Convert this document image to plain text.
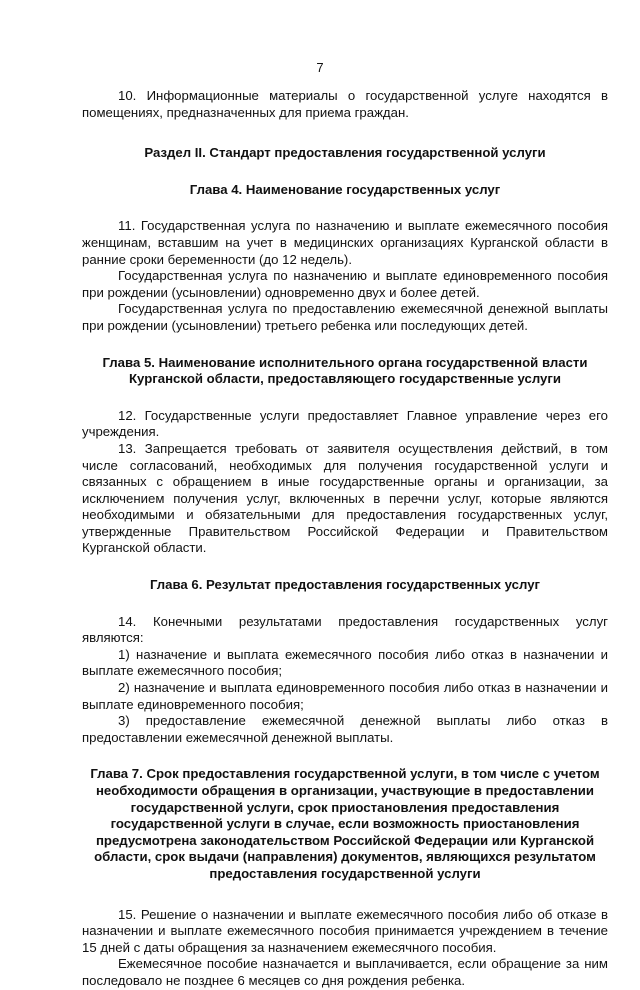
7

10. Информационные материалы о государственной услуге находятся в помещениях, предназначенных для приема граждан.

Раздел II. Стандарт предоставления государственной услуги
Глава 4. Наименование государственных услуг

11. Государственная услуга по назначению и выплате ежемесячного пособия женщинам, вставшим на учет в медицинских организациях Курганской области в ранние сроки беременности (до 12 недель).

Государственная услуга по назначению и выплате единовременного пособия при рождении (усыновлении) одновременно двух и более детей.

Государственная услуга по предоставлению ежемесячной денежной выплаты при рождении (усыновлении) третьего ребенка или последующих детей.

Глава 5. Наименование исполнительного органа государственной власти Курганской области, предоставляющего государственные услуги

12. Государственные услуги предоставляет Главное управление через его учреждения.

13. Запрещается требовать от заявителя осуществления действий, в том числе согласований, необходимых для получения государственной услуги и связанных с обращением в иные государственные органы и организации, за исключением получения услуг, включенных в перечни услуг, которые являются необходимыми и обязательными для предоставления государственных услуг, утвержденные Правительством Российской Федерации и Правительством Курганской области.

Глава 6. Результат предоставления государственных услуг

14. Конечными результатами предоставления государственных услуг являются:

1) назначение и выплата ежемесячного пособия либо отказ в назначении и выплате ежемесячного пособия;

2) назначение и выплата единовременного пособия либо отказ в назначении и выплате единовременного пособия;

3) предоставление ежемесячной денежной выплаты либо отказ в предоставлении ежемесячной денежной выплаты.

Глава 7. Срок предоставления государственной услуги, в том числе с учетом необходимости обращения в организации, участвующие в предоставлении государственной услуги, срок приостановления предоставления государственной услуги в случае, если возможность приостановления предусмотрена законодательством Российской Федерации или Курганской области, срок выдачи (направления) документов, являющихся результатом предоставления государственной услуги

15. Решение о назначении и выплате ежемесячного пособия либо об отказе в назначении и выплате ежемесячного пособия принимается учреждением в течение 15 дней с даты обращения за назначением ежемесячного пособия.

Ежемесячное пособие назначается и выплачивается, если обращение за ним последовало не позднее 6 месяцев со дня рождения ребенка.
